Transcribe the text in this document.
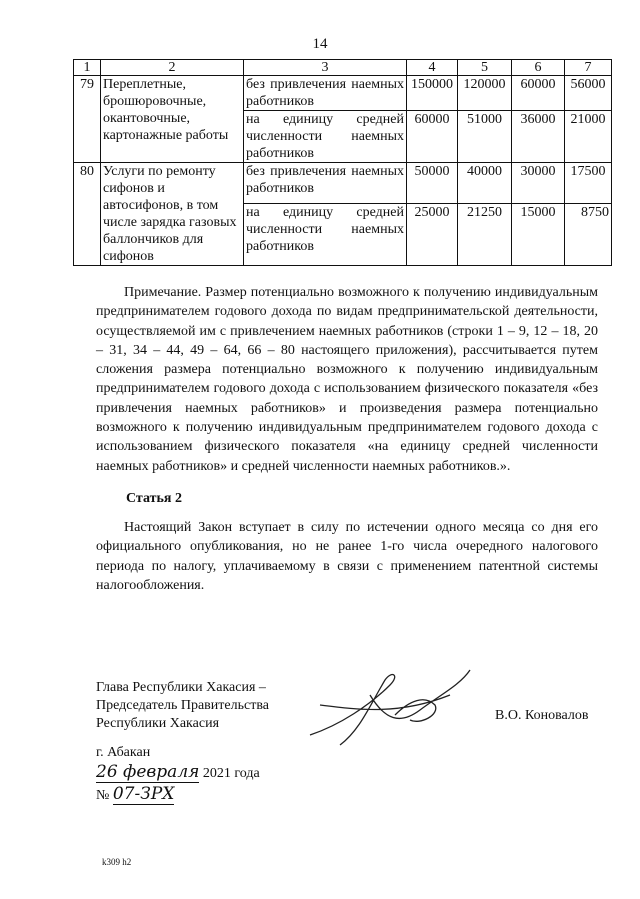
14
1	2	3	4	5	6	7
79	Переплетные, брошюровочные, окантовочные, картонажные работы	без привлечения наемных работников	150000	120000	60000	56000
		на единицу средней численности наемных работников	60000	51000	36000	21000
80	Услуги по ремонту сифонов и автосифонов, в том числе зарядка газовых баллончиков для сифонов	без привлечения наемных работников	50000	40000	30000	17500
		на единицу средней численности наемных работников	25000	21250	15000	8750

Примечание. Размер потенциально возможного к получению индивидуальным предпринимателем годового дохода по видам предпринимательской деятельности, осуществляемой им с привлечением наемных работников (строки 1 – 9, 12 – 18, 20 – 31, 34 – 44, 49 – 64, 66 – 80 настоящего приложения), рассчитывается путем сложения размера потенциально возможного к получению индивидуальным предпринимателем годового дохода с использованием физического показателя «без привлечения наемных работников» и произведения размера потенциально возможного к получению индивидуальным предпринимателем годового дохода с использованием физического показателя «на единицу средней численности наемных работников» и средней численности наемных работников.».

Статья 2

Настоящий Закон вступает в силу по истечении одного месяца со дня его официального опубликования, но не ранее 1-го числа очередного налогового периода по налогу, уплачиваемому в связи с применением патентной системы налогообложения.

Глава Республики Хакасия –
Председатель Правительства
Республики Хакасия
В.О. Коновалов
г. Абакан
26 февраля 2021 года
№ 07-ЗРХ
k309 h2
